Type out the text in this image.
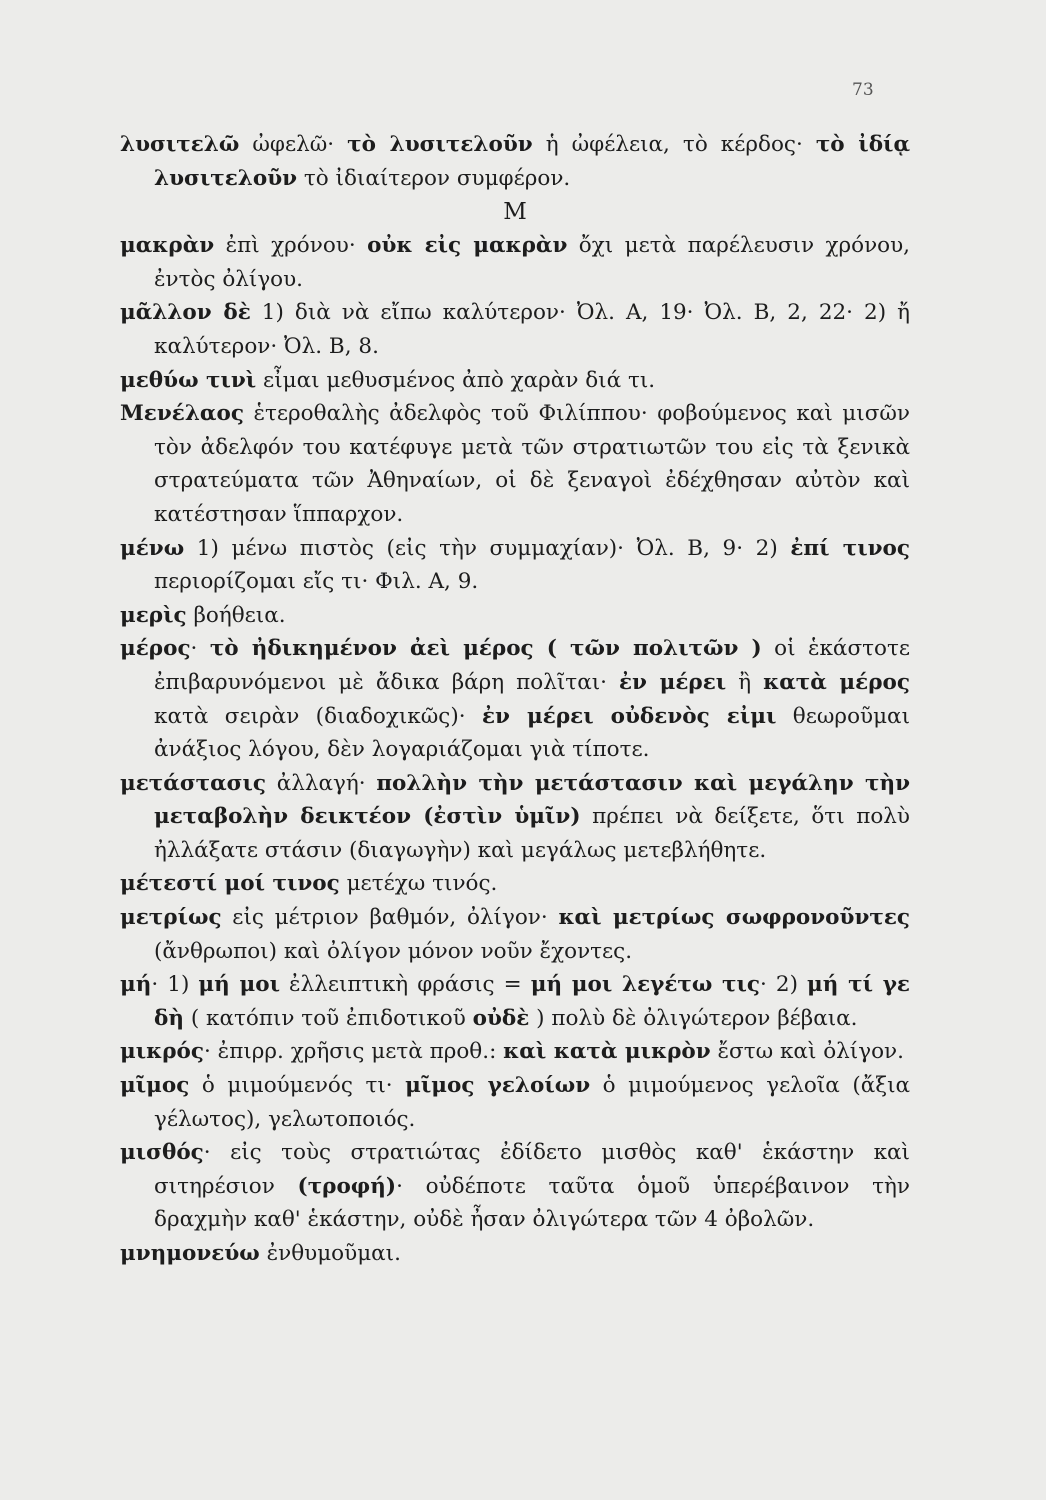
73

λυσιτελῶ ὠφελῶ· τὸ λυσιτελοῦν ἡ ὠφέλεια, τὸ κέρδος· τὸ ἰδίᾳ λυσιτελοῦν τὸ ἰδιαίτερον συμφέρον.

Μ

μακρὰν ἐπὶ χρόνου· οὐκ εἰς μακρὰν ὄχι μετὰ παρέλευσιν χρόνου, ἐντὸς ὀλίγου.

μᾶλλον δὲ 1) διὰ νὰ εἴπω καλύτερον· Ὀλ. Α, 19· Ὀλ. Β, 2, 22· 2) ἤ καλύτερον· Ὀλ. Β, 8.

μεθύω τινὶ εἶμαι μεθυσμένος ἀπὸ χαρὰν διά τι.

Μενέλαος ἑτεροθαλὴς ἀδελφὸς τοῦ Φιλίππου· φοβούμενος καὶ μισῶν τὸν ἀδελφόν του κατέφυγε μετὰ τῶν στρατιωτῶν του εἰς τὰ ξενικὰ στρατεύματα τῶν Ἀθηναίων, οἱ δὲ ξεναγοὶ ἐδέχθησαν αὐτὸν καὶ κατέστησαν ἵππαρχον.

μένω 1) μένω πιστὸς (εἰς τὴν συμμαχίαν)· Ὀλ. Β, 9· 2) ἐπί τινος περιορίζομαι εἴς τι· Φιλ. Α, 9.

μερὶς βοήθεια.

μέρος· τὸ ἠδικημένον ἀεὶ μέρος ( τῶν πολιτῶν ) οἱ ἑκάστοτε ἐπιβαρυνόμενοι μὲ ἄδικα βάρη πολῖται· ἐν μέρει ἢ κατὰ μέρος κατὰ σειρὰν (διαδοχικῶς)· ἐν μέρει οὐδενὸς εἰμι θεωροῦμαι ἀνάξιος λόγου, δὲν λογαριάζομαι γιὰ τίποτε.

μετάστασις ἀλλαγή· πολλὴν τὴν μετάστασιν καὶ μεγάλην τὴν μεταβολὴν δεικτέον (ἐστὶν ὑμῖν) πρέπει νὰ δείξετε, ὅτι πολὺ ἠλλάξατε στάσιν (διαγωγὴν) καὶ μεγάλως μετεβλήθητε.

μέτεστί μοί τινος μετέχω τινός.

μετρίως εἰς μέτριον βαθμόν, ὀλίγον· καὶ μετρίως σωφρονοῦντες (ἄνθρωποι) καὶ ὀλίγον μόνον νοῦν ἔχοντες.

μή· 1) μή μοι ἐλλειπτικὴ φράσις = μή μοι λεγέτω τις· 2) μή τί γε δὴ ( κατόπιν τοῦ ἐπιδοτικοῦ οὐδὲ ) πολὺ δὲ ὀλιγώτερον βέβαια.

μικρός· ἐπιρρ. χρῆσις μετὰ προθ.: καὶ κατὰ μικρὸν ἔστω καὶ ὀλίγον.

μῖμος ὁ μιμούμενός τι· μῖμος γελοίων ὁ μιμούμενος γελοῖα (ἄξια γέλωτος), γελωτοποιός.

μισθός· εἰς τοὺς στρατιώτας ἐδίδετο μισθὸς καθ' ἑκάστην καὶ σιτηρέσιον (τροφή)· οὐδέποτε ταῦτα ὁμοῦ ὑπερέβαινον τὴν δραχμὴν καθ' ἑκάστην, οὐδὲ ἦσαν ὀλιγώτερα τῶν 4 ὀβολῶν.

μνημονεύω ἐνθυμοῦμαι.
